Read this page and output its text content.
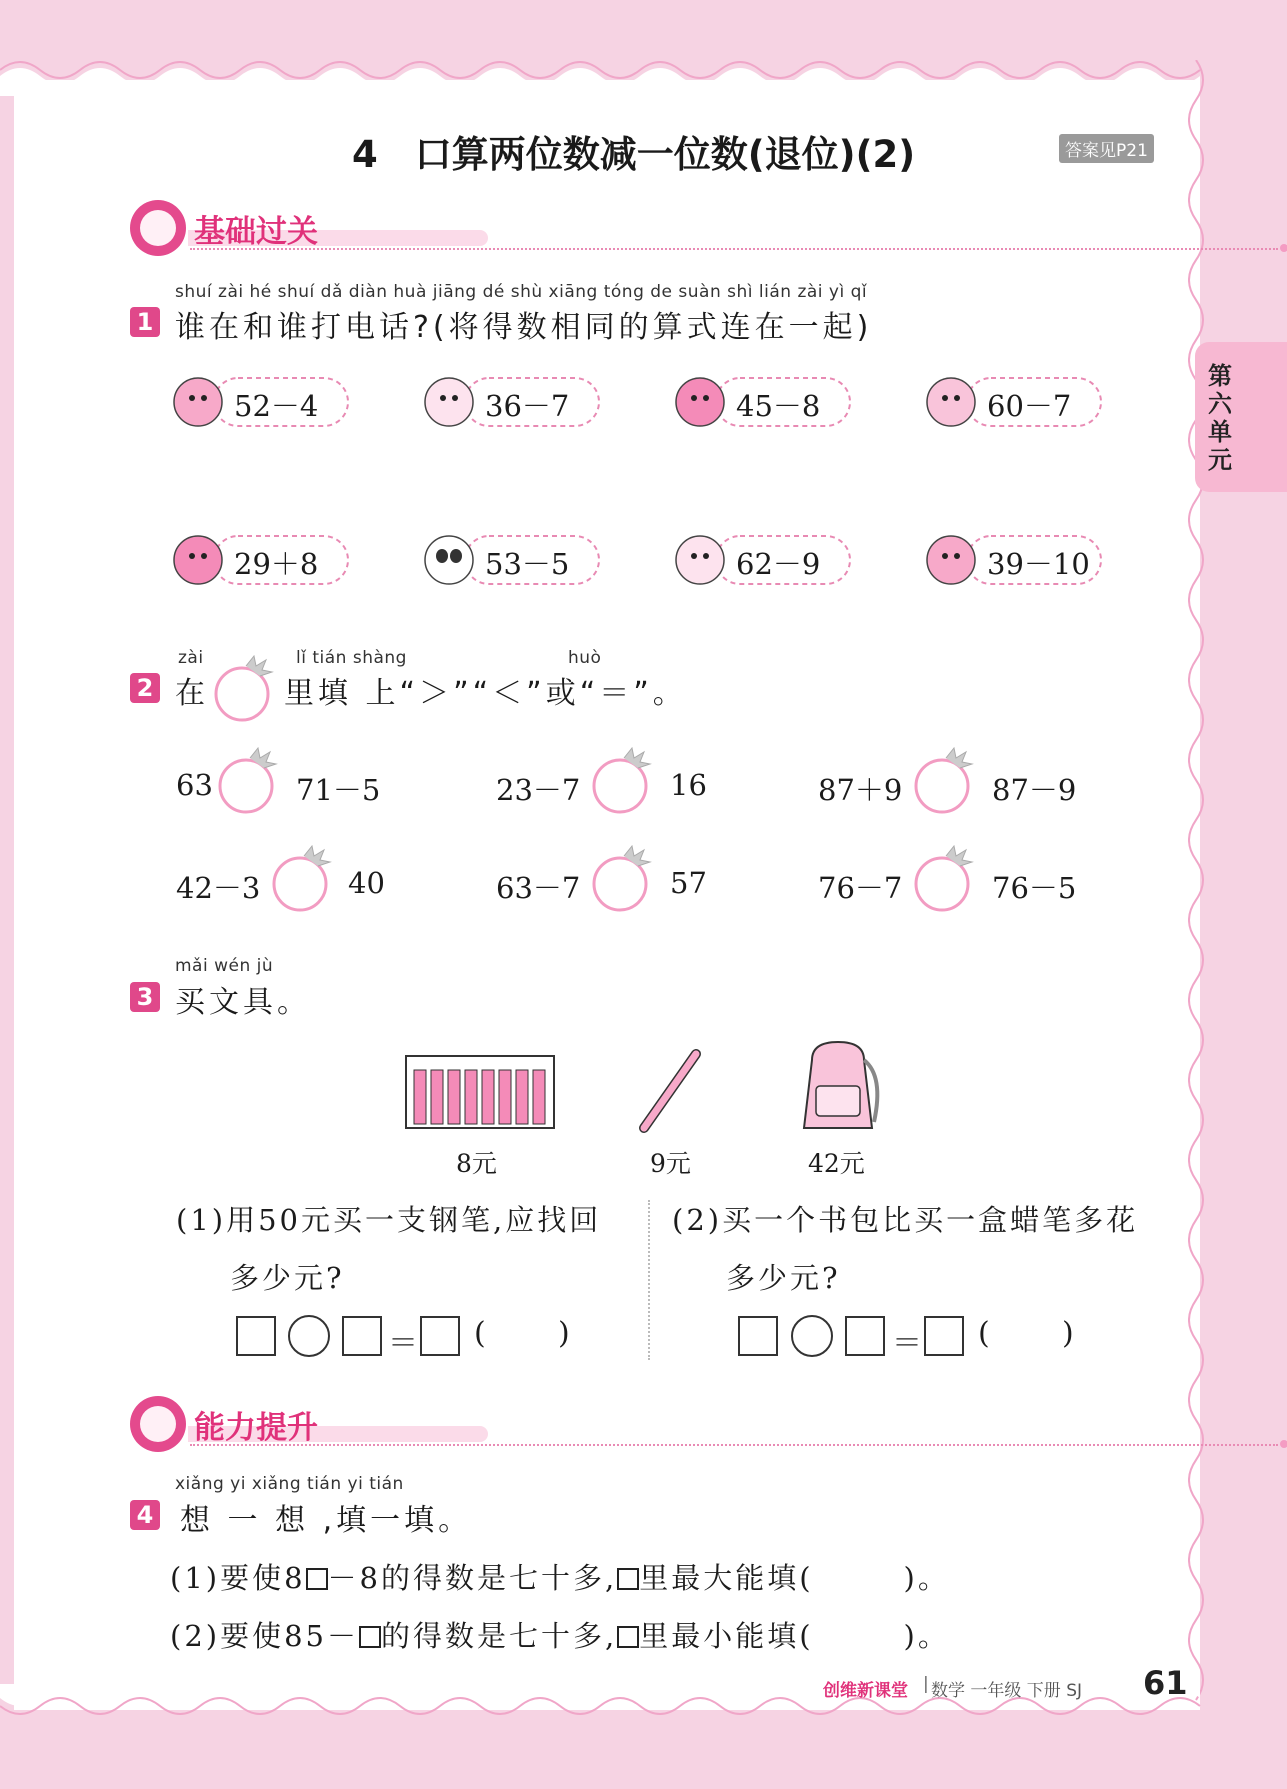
4　口算两位数减一位数(退位)(2)	答案见P21
第六单元
基础过关
shuí zài hé shuí dǎ diàn huà jiāng dé shù xiāng tóng de suàn shì lián zài yì qǐ
1 谁在和谁打电话?(将得数相同的算式连在一起)
52－4	36－7	45－8	60－7
29＋8	53－5	62－9	39－10
zài	lǐ tián shàng	huò
2 在	里填 上“＞”“＜”或“＝”。
63	71－5	23－7	16	87＋9	87－9
42－3	40	63－7	57	76－7	76－5
mǎi wén jù
3 买文具。
8元	9元	42元
(1)用50元买一支钢笔,应找回
多少元?
(2)买一个书包比买一盒蜡笔多花
多少元?
＝ ( )	＝ ( )
能力提升
xiǎng yi xiǎng tián yi tián
4 想 一 想 ,填一填。
(1)要使8 －8的得数是七十多, 里最大能填(	)。
(2)要使85－ 的得数是七十多, 里最小能填(	)。
创维新课堂 | 数学 一年级 下册 SJ 61
